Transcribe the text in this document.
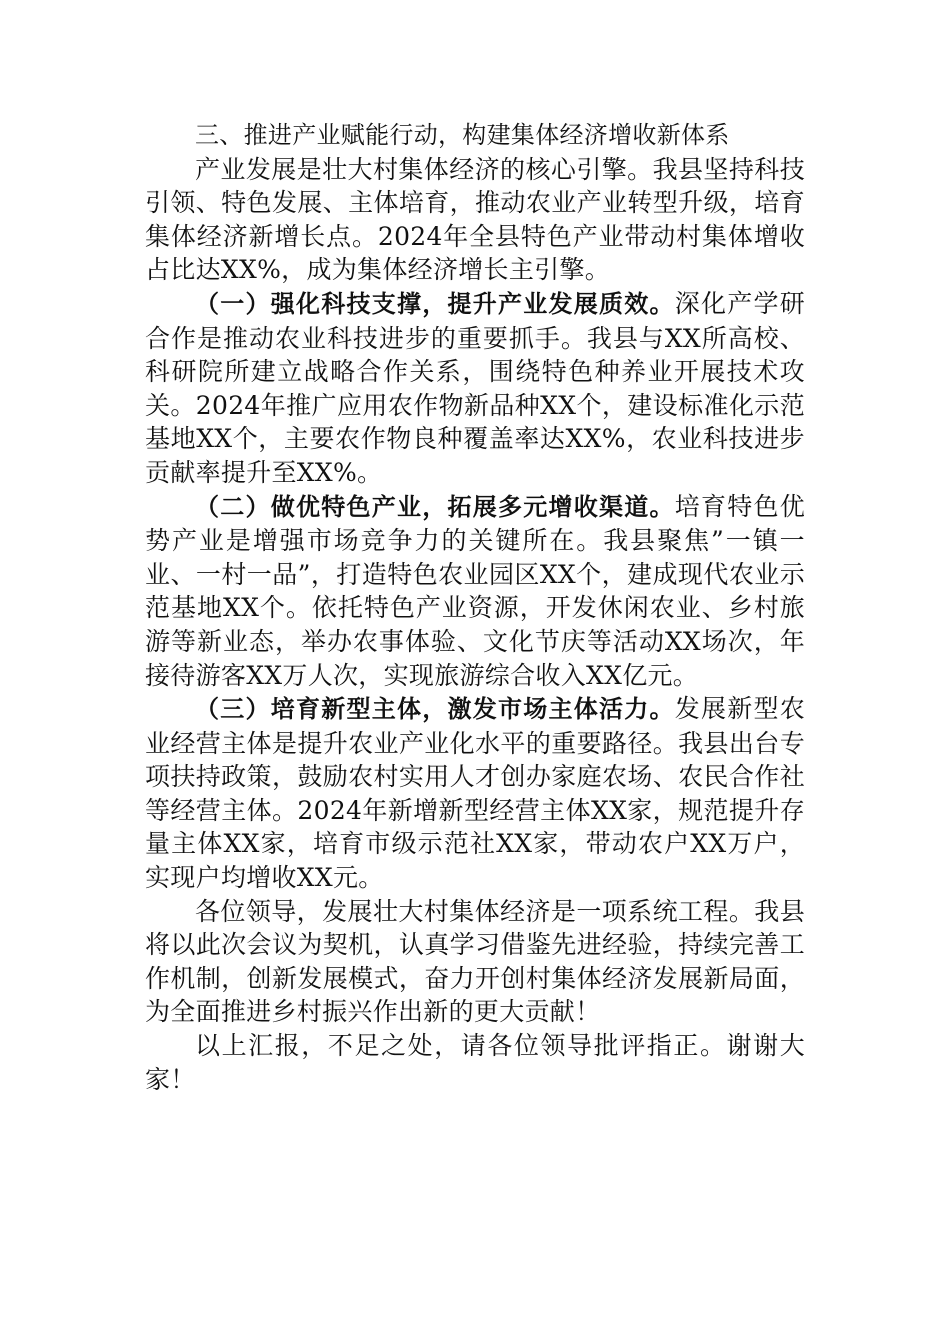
三、推进产业赋能行动，构建集体经济增收新体系

产业发展是壮大村集体经济的核心引擎。我县坚持科技引领、特色发展、主体培育，推动农业产业转型升级，培育集体经济新增长点。2024年全县特色产业带动村集体增收占比达XX%，成为集体经济增长主引擎。

（一）强化科技支撑，提升产业发展质效。深化产学研合作是推动农业科技进步的重要抓手。我县与XX所高校、科研院所建立战略合作关系，围绕特色种养业开展技术攻关。2024年推广应用农作物新品种XX个，建设标准化示范基地XX个，主要农作物良种覆盖率达XX%，农业科技进步贡献率提升至XX%。

（二）做优特色产业，拓展多元增收渠道。培育特色优势产业是增强市场竞争力的关键所在。我县聚焦”一镇一业、一村一品”，打造特色农业园区XX个，建成现代农业示范基地XX个。依托特色产业资源，开发休闲农业、乡村旅游等新业态，举办农事体验、文化节庆等活动XX场次，年接待游客XX万人次，实现旅游综合收入XX亿元。

（三）培育新型主体，激发市场主体活力。发展新型农业经营主体是提升农业产业化水平的重要路径。我县出台专项扶持政策，鼓励农村实用人才创办家庭农场、农民合作社等经营主体。2024年新增新型经营主体XX家，规范提升存量主体XX家，培育市级示范社XX家，带动农户XX万户，实现户均增收XX元。

各位领导，发展壮大村集体经济是一项系统工程。我县将以此次会议为契机，认真学习借鉴先进经验，持续完善工作机制，创新发展模式，奋力开创村集体经济发展新局面，为全面推进乡村振兴作出新的更大贡献！

以上汇报，不足之处，请各位领导批评指正。谢谢大家！
